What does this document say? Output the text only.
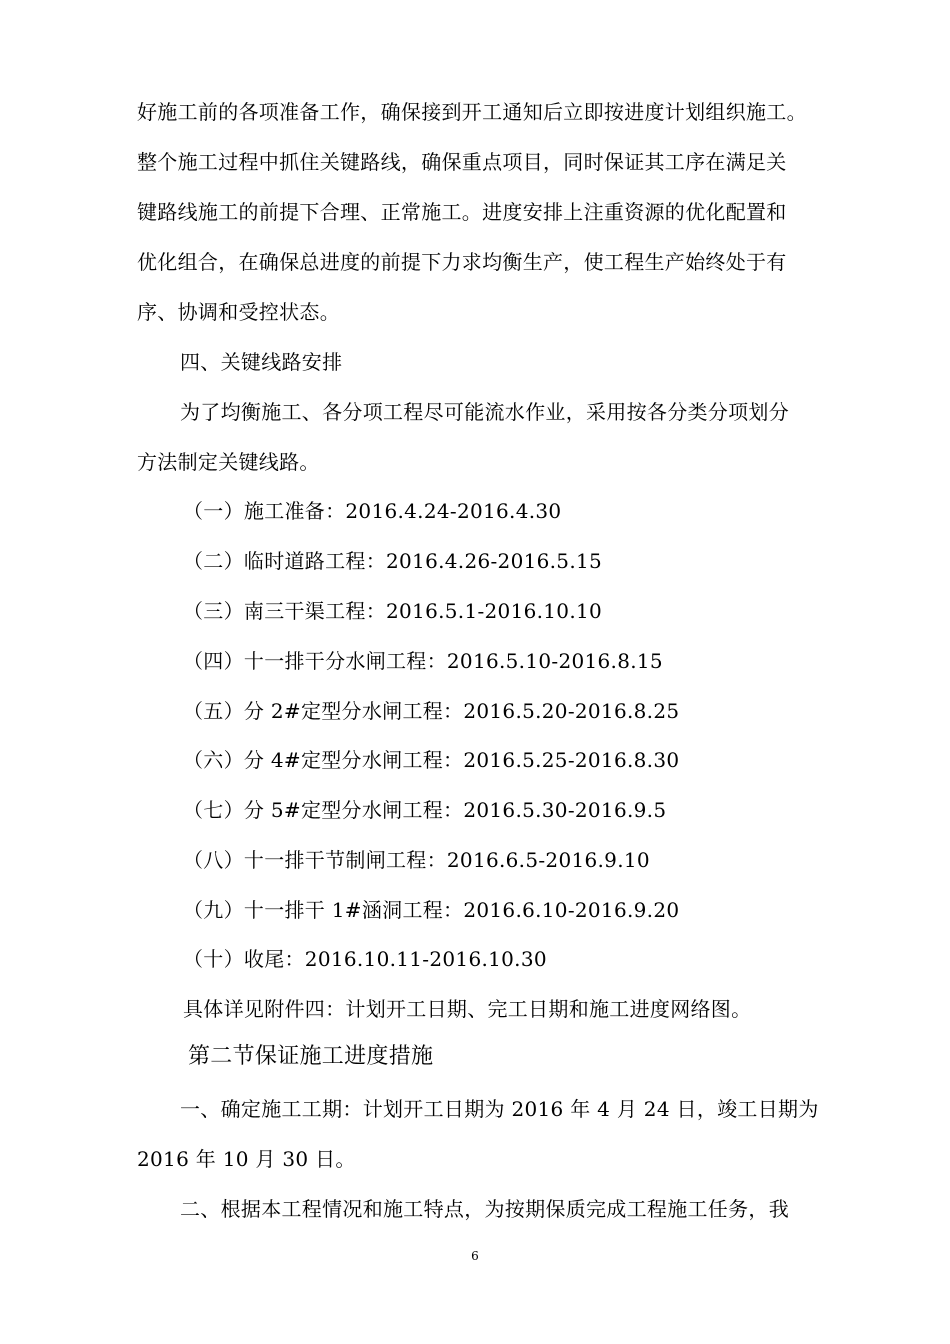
好施工前的各项准备工作，确保接到开工通知后立即按进度计划组织施工。
整个施工过程中抓住关键路线，确保重点项目，同时保证其工序在满足关
键路线施工的前提下合理、正常施工。进度安排上注重资源的优化配置和
优化组合，在确保总进度的前提下力求均衡生产，使工程生产始终处于有
序、协调和受控状态。
四、关键线路安排
为了均衡施工、各分项工程尽可能流水作业，采用按各分类分项划分
方法制定关键线路。
（一）施工准备：2016.4.24-2016.4.30
（二）临时道路工程：2016.4.26-2016.5.15
（三）南三干渠工程：2016.5.1-2016.10.10
（四）十一排干分水闸工程：2016.5.10-2016.8.15
（五）分 2#定型分水闸工程：2016.5.20-2016.8.25
（六）分 4#定型分水闸工程：2016.5.25-2016.8.30
（七）分 5#定型分水闸工程：2016.5.30-2016.9.5
（八）十一排干节制闸工程：2016.6.5-2016.9.10
（九）十一排干 1#涵洞工程：2016.6.10-2016.9.20
（十）收尾：2016.10.11-2016.10.30
具体详见附件四：计划开工日期、完工日期和施工进度网络图。
第二节保证施工进度措施
一、确定施工工期：计划开工日期为 2016 年 4 月 24 日，竣工日期为
2016 年 10 月 30 日。
二、根据本工程情况和施工特点，为按期保质完成工程施工任务，我
6
